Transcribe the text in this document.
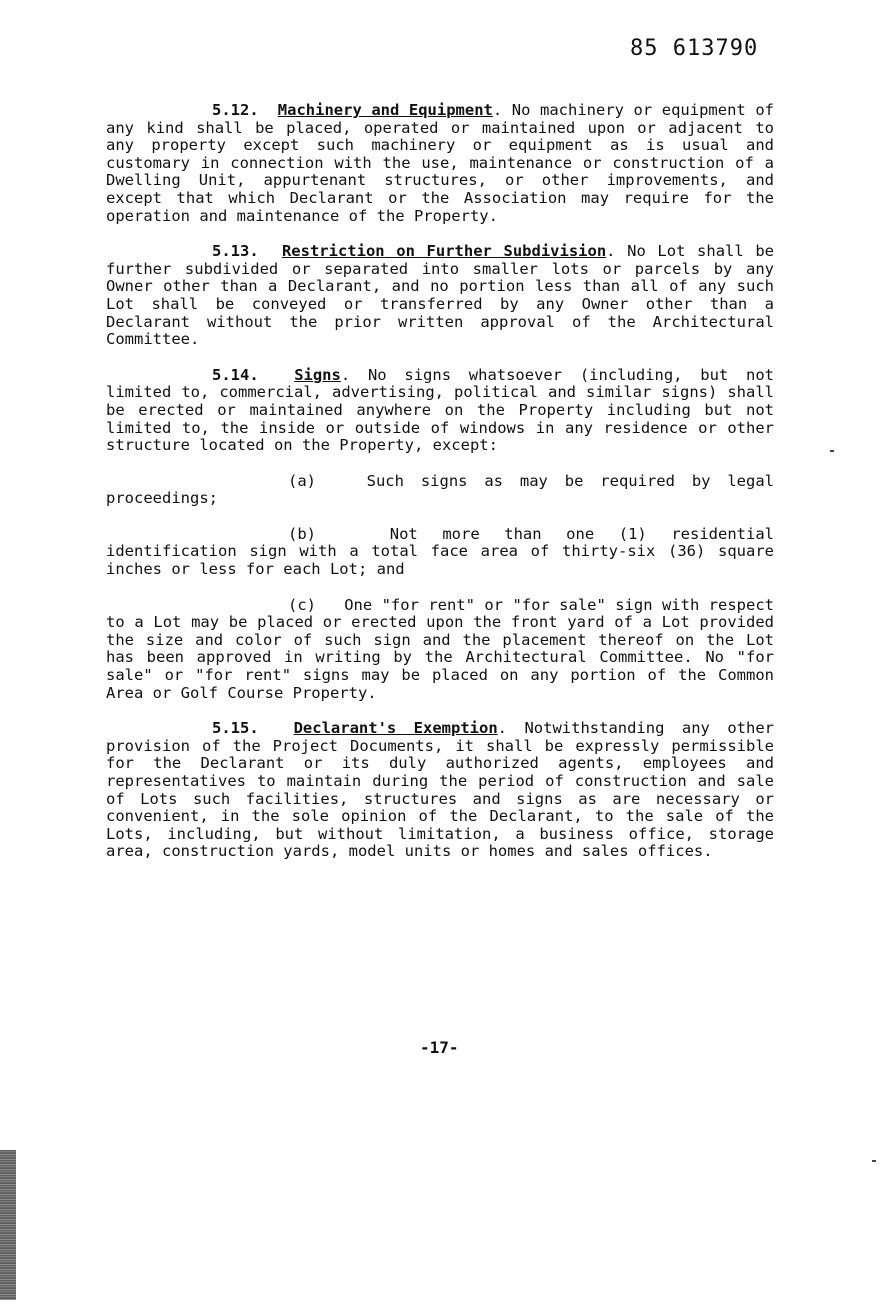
85 613790

5.12. Machinery and Equipment. No machinery or equipment of any kind shall be placed, operated or maintained upon or adjacent to any property except such machinery or equipment as is usual and customary in connection with the use, maintenance or construction of a Dwelling Unit, appurtenant structures, or other improvements, and except that which Declarant or the Association may require for the operation and maintenance of the Property.

5.13. Restriction on Further Subdivision. No Lot shall be further subdivided or separated into smaller lots or parcels by any Owner other than a Declarant, and no portion less than all of any such Lot shall be conveyed or transferred by any Owner other than a Declarant without the prior written approval of the Architectural Committee.

5.14. Signs. No signs whatsoever (including, but not limited to, commercial, advertising, political and similar signs) shall be erected or maintained anywhere on the Property including but not limited to, the inside or outside of windows in any residence or other structure located on the Property, except:

(a)	Such signs as may be required by legal proceedings;

(b)	Not more than one (1) residential identification sign with a total face area of thirty-six (36) square inches or less for each Lot; and

(c) One "for rent" or "for sale" sign with respect to a Lot may be placed or erected upon the front yard of a Lot provided the size and color of such sign and the placement thereof on the Lot has been approved in writing by the Architectural Committee. No "for sale" or "for rent" signs may be placed on any portion of the Common Area or Golf Course Property.

5.15. Declarant's Exemption. Notwithstanding any other provision of the Project Documents, it shall be expressly permissible for the Declarant or its duly authorized agents, employees and representatives to maintain during the period of construction and sale of Lots such facilities, structures and signs as are necessary or convenient, in the sole opinion of the Declarant, to the sale of the Lots, including, but without limitation, a business office, storage area, construction yards, model units or homes and sales offices.

-17-
